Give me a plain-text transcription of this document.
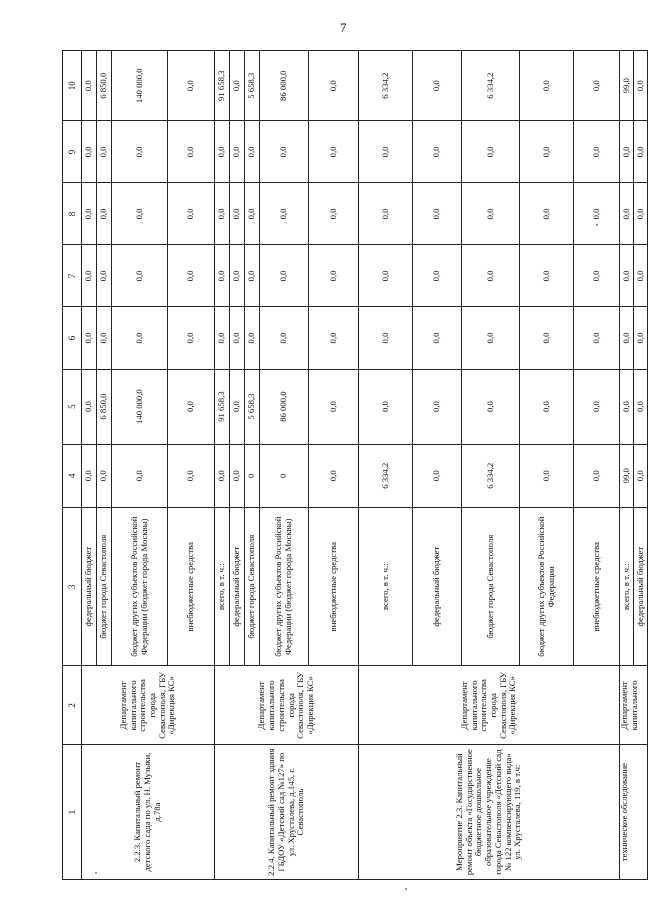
7
1	2	3	4	5	6	7	8	9	10
2.2.3. Капитальный ремонт детского сада по ул. Н. Музыки, д.78а	Департамент капитального строительства города Севастополя, ГБУ «Дирекция КС»	федеральный бюджет	0,0	0,0	0,0	0,0	0,0	0,0	0,0
		бюджет города Севастополя	0,0	6 850,0	0,0	0,0	0,0	0,0	6 850,0
		бюджет других субъектов Российской Федерации (бюджет города Москвы)	0,0	140 000,0	0,0	0,0	0,0	0,0	140 000,0
		внебюджетные средства	0,0	0,0	0,0	0,0	0,0	0,0	0,0
2.2.4. Капитальный ремонт здания ГБДОУ «Детский сад №127» по ул. Хрусталева, д.145, г. Севастополь	Департамент капитального строительства города Севастополя, ГБУ «Дирекция КС»	всего, в т. ч.:	0,0	91 658,3	0,0	0,0	0,0	0,0	91 658,3
		федеральный бюджет	0,0	0,0	0,0	0,0	0,0	0,0	0,0
		бюджет города Севастополя	0	5 658,3	0,0	0,0	0,0	0,0	5 658,3
		бюджет других субъектов Российской Федерации (бюджет города Москвы)	0	86 000,0	0,0	0,0	0,0	0,0	86 000,0
		внебюджетные средства	0,0	0,0	0,0	0,0	0,0	0,0	0,0
Мероприятие 2.3. Капитальный ремонт объекта «Государственное бюджетное дошкольное образовательное учреждение города Севастополя «Детский сад № 122 компенсирующего вида» ул. Хрусталева, 119, в т.ч:	Департамент капитального строительства города Севастополя, ГБУ «Дирекция КС»	всего, в т. ч.:	6 334,2	0,0	0,0	0,0	0,0	0,0	6 334,2
		федеральный бюджет	0,0	0,0	0,0	0,0	0,0	0,0	0,0
		бюджет города Севастополя	6 334,2	0,0	0,0	0,0	0,0	0,0	6 334,2
		бюджет других субъектов Российской Федерации	0,0	0,0	0,0	0,0	0,0	0,0	0,0
		внебюджетные средства	0,0	0,0	0,0	0,0	0,0	0,0	0,0
техническое обследование	Департамент капитального	всего, в т. ч.:	99,0	0,0	0,0	0,0	0,0	0,0	99,0
		федеральный бюджет	0,0	0,0	0,0	0,0	0,0	0,0	0,0
